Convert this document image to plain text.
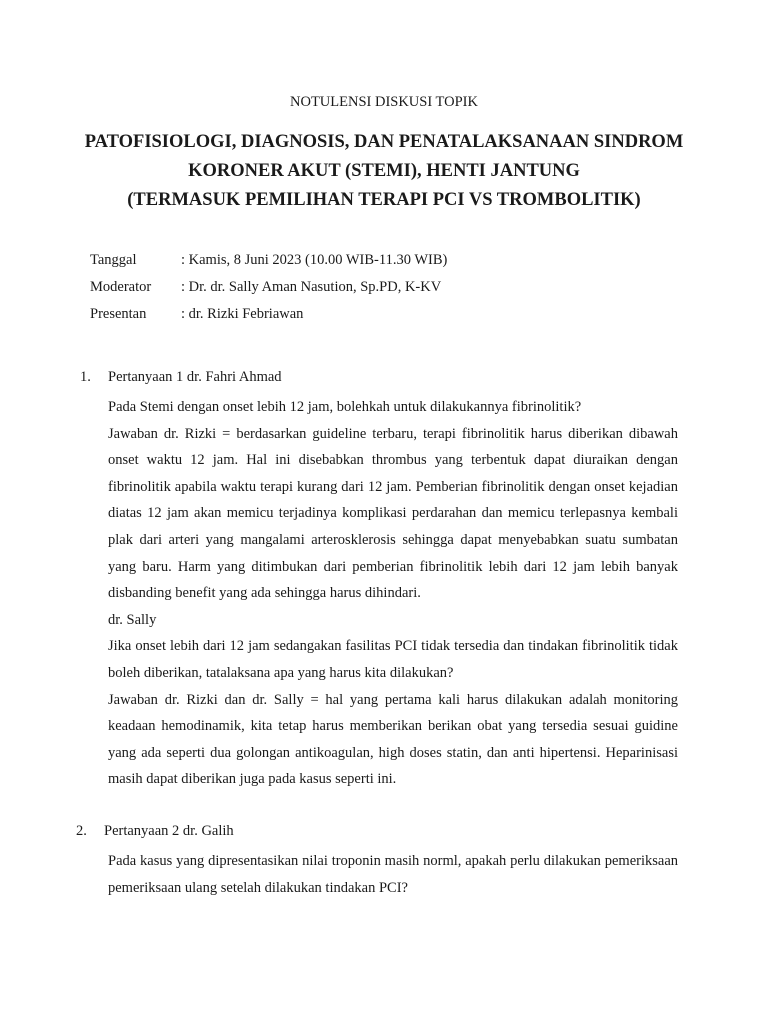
NOTULENSI DISKUSI TOPIK
PATOFISIOLOGI, DIAGNOSIS, DAN PENATALAKSANAAN SINDROM
KORONER AKUT (STEMI), HENTI JANTUNG
(TERMASUK PEMILIHAN TERAPI PCI VS TROMBOLITIK)
Tanggal	: Kamis, 8 Juni 2023 (10.00 WIB-11.30 WIB)
Moderator	: Dr. dr. Sally Aman Nasution, Sp.PD, K-KV
Presentan	: dr. Rizki Febriawan
1.	Pertanyaan 1 dr. Fahri Ahmad

Pada Stemi dengan onset lebih 12 jam, bolehkah untuk dilakukannya fibrinolitik?

Jawaban dr. Rizki = berdasarkan guideline terbaru, terapi fibrinolitik harus diberikan dibawah onset waktu 12 jam. Hal ini disebabkan thrombus yang terbentuk dapat diuraikan dengan fibrinolitik apabila waktu terapi kurang dari 12 jam. Pemberian fibrinolitik dengan onset kejadian diatas 12 jam akan memicu terjadinya komplikasi perdarahan dan memicu terlepasnya kembali plak dari arteri yang mangalami arterosklerosis sehingga dapat menyebabkan suatu sumbatan yang baru. Harm yang ditimbukan dari pemberian fibrinolitik lebih dari 12 jam lebih banyak disbanding benefit yang ada sehingga harus dihindari.

dr. Sally

Jika onset lebih dari 12 jam sedangakan fasilitas PCI tidak tersedia dan tindakan fibrinolitik tidak boleh diberikan, tatalaksana apa yang harus kita dilakukan?

Jawaban dr. Rizki dan dr. Sally = hal yang pertama kali harus dilakukan adalah monitoring keadaan hemodinamik, kita tetap harus memberikan berikan obat yang tersedia sesuai guidine yang ada seperti dua golongan antikoagulan, high doses statin, dan anti hipertensi. Heparinisasi masih dapat diberikan juga pada kasus seperti ini.

2.	Pertanyaan 2 dr. Galih

Pada kasus yang dipresentasikan nilai troponin masih norml, apakah perlu dilakukan pemeriksaan pemeriksaan ulang setelah dilakukan tindakan PCI?
